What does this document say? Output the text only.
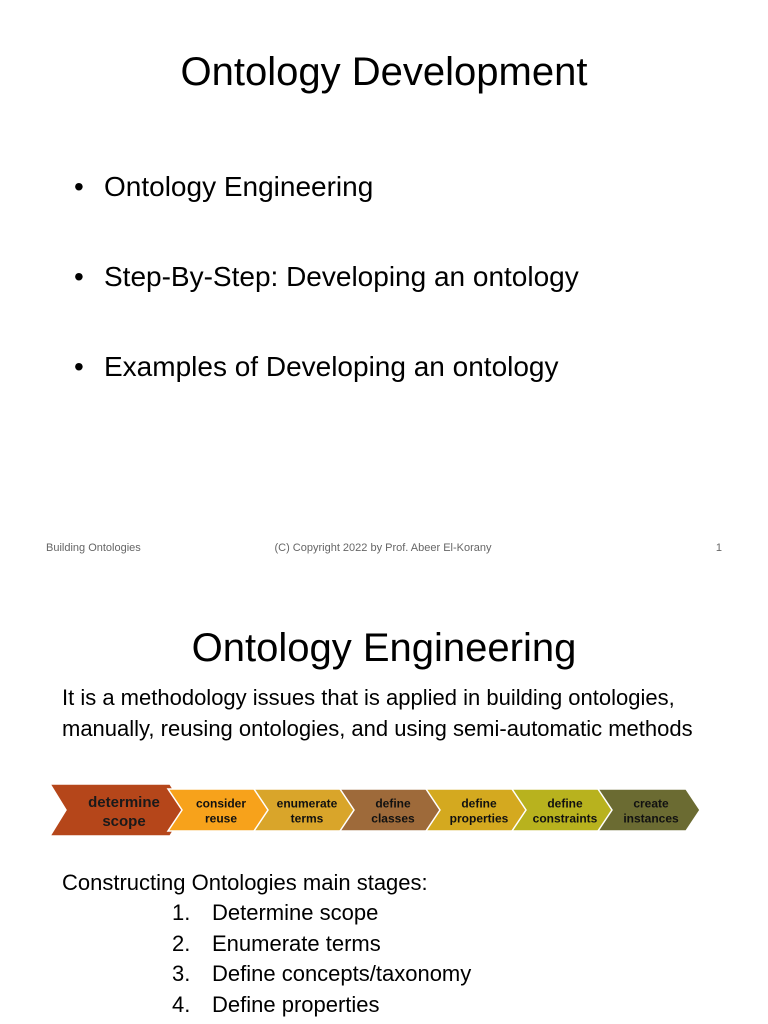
Ontology Development
• Ontology Engineering
• Step-By-Step: Developing an ontology
• Examples of Developing an ontology
Building Ontologies	(C) Copyright 2022 by Prof. Abeer El-Korany	1
Ontology Engineering
It is a methodology issues that is applied in building ontologies, manually, reusing ontologies, and using semi-automatic methods
determine
scope
consider
reuse
enumerate
terms
define
classes
define
properties
define
constraints
create
instances
Constructing Ontologies main stages:
1. Determine scope
2. Enumerate terms
3. Define concepts/taxonomy
4. Define properties
